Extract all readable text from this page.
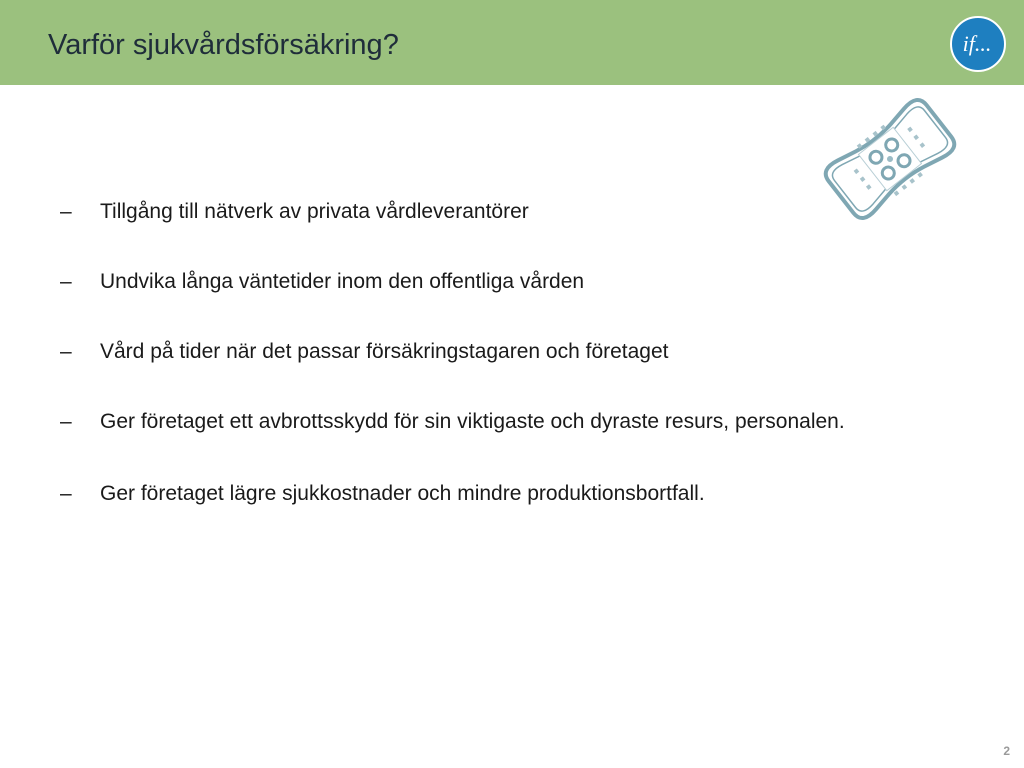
Varför sjukvårdsförsäkring?	if...
– Tillgång till nätverk av privata vårdleverantörer
– Undvika långa väntetider inom den offentliga vården
– Vård på tider när det passar försäkringstagaren och företaget
– Ger företaget ett avbrottsskydd för sin viktigaste och dyraste resurs, personalen.
– Ger företaget lägre sjukkostnader och mindre produktionsbortfall.
2
